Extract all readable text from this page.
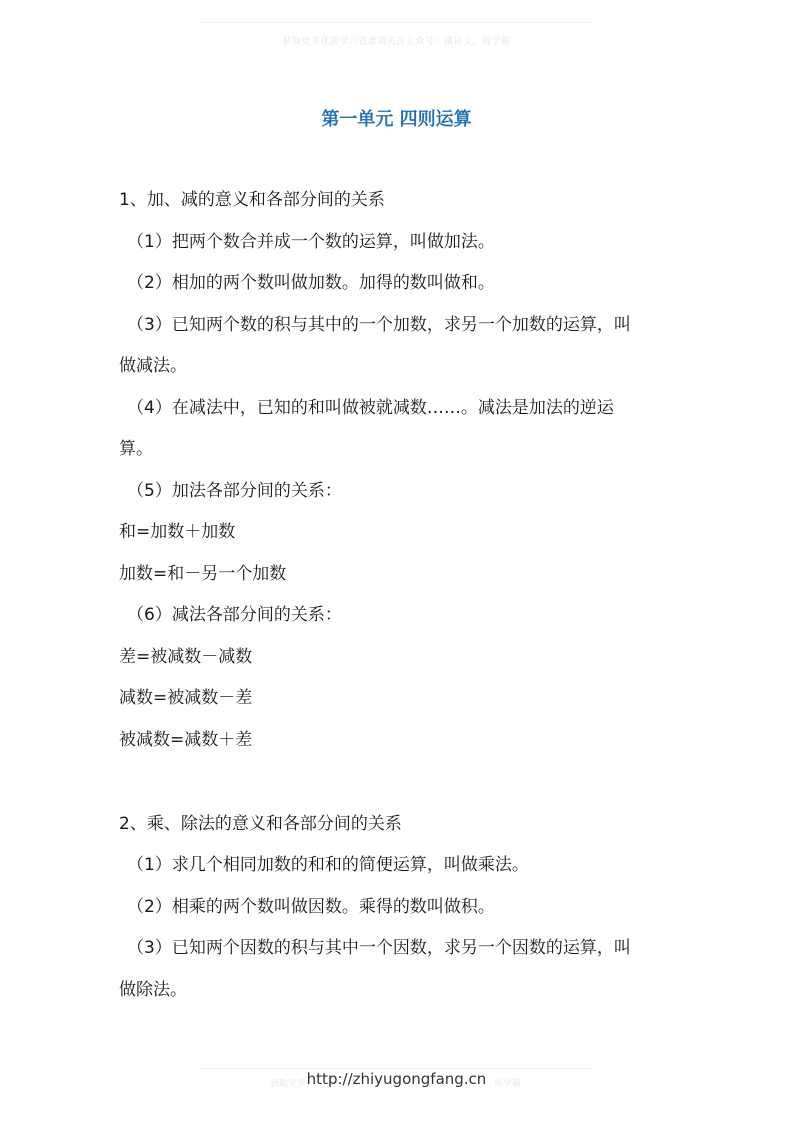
获取更多优质学习资源请关注公众号：稀语文，稀学霸
第一单元 四则运算
1、加、减的意义和各部分间的关系
（1）把两个数合并成一个数的运算，叫做加法。
（2）相加的两个数叫做加数。加得的数叫做和。
（3）已知两个数的积与其中的一个加数，求另一个加数的运算，叫
做减法。
（4）在减法中，已知的和叫做被就减数……。减法是加法的逆运
算。
（5）加法各部分间的关系：
和=加数＋加数
加数=和－另一个加数
（6）减法各部分间的关系：
差=被减数－减数
减数=被减数－差
被减数=减数＋差
2、乘、除法的意义和各部分间的关系
（1）求几个相同加数的和和的简便运算，叫做乘法。
（2）相乘的两个数叫做因数。乘得的数叫做积。
（3）已知两个因数的积与其中一个因数，求另一个因数的运算，叫
做除法。
获取更多	稀学霸
http://zhiyugongfang.cn
